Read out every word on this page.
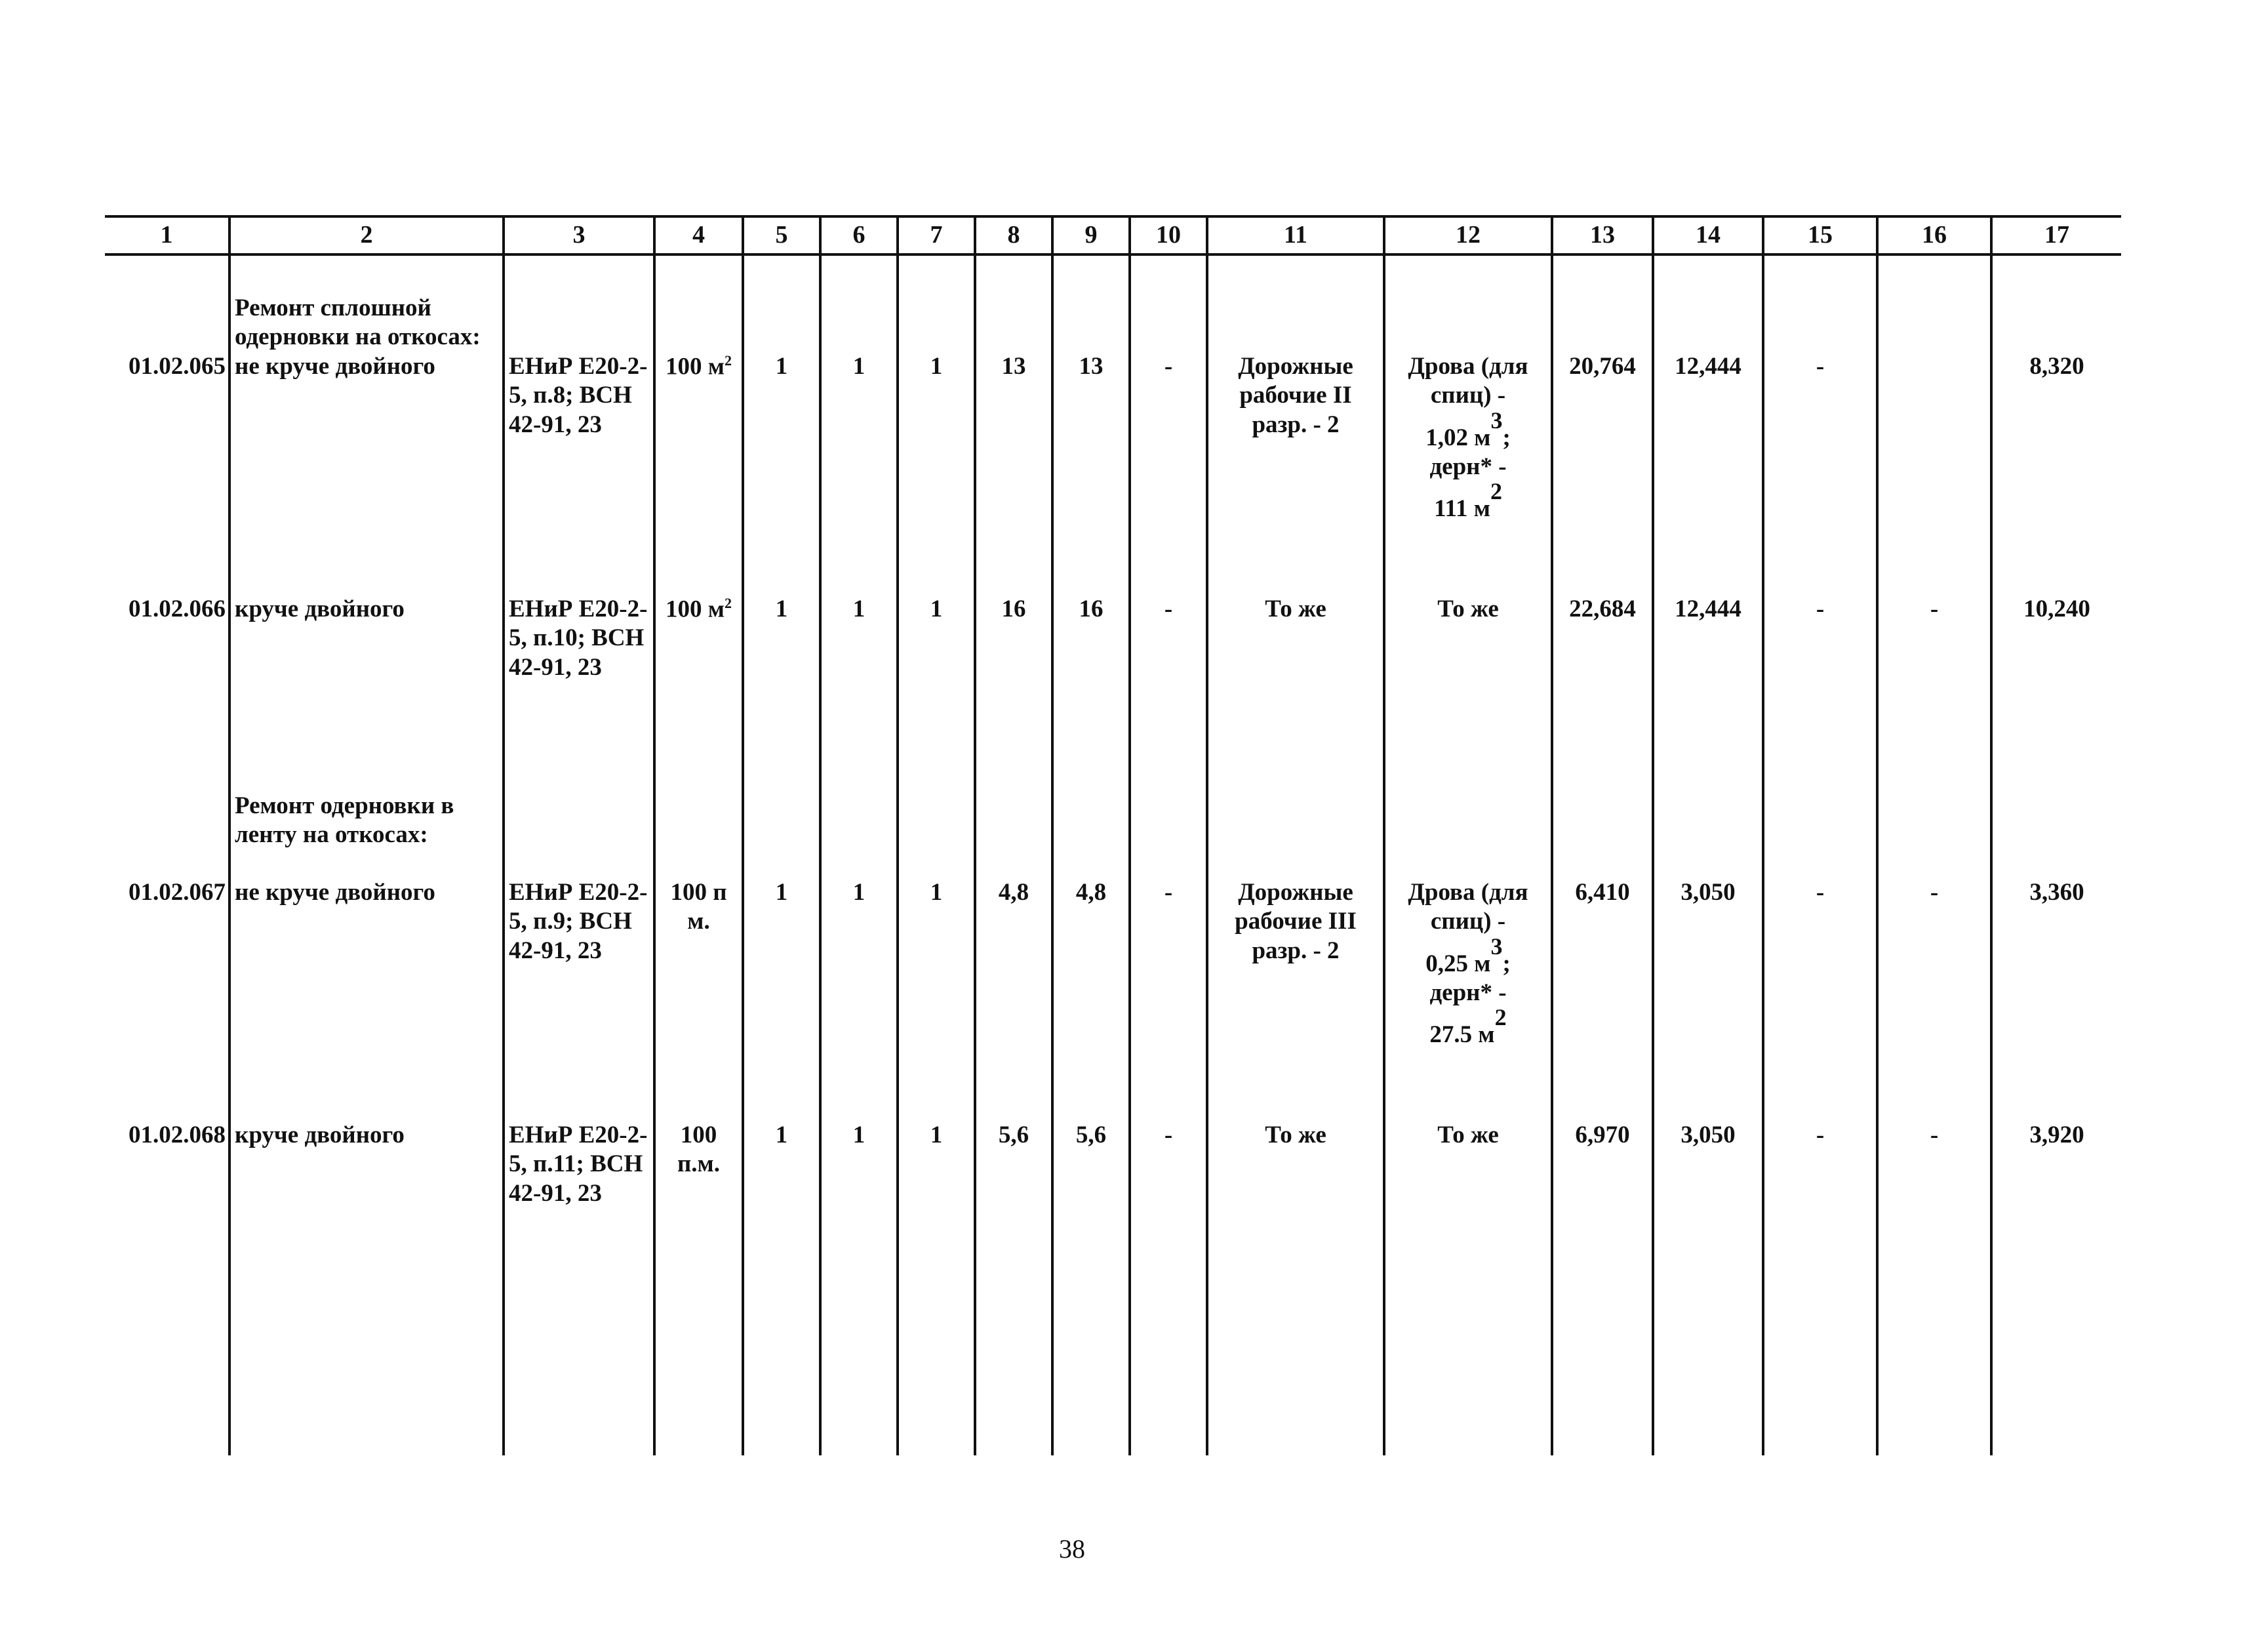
1	2	3	4	5	6	7	8	9	10	11	12	13	14	15	16	17
	Ремонт сплошной одерновки на откосах:															
01.02.065	не круче двойного	ЕНиР Е20-2-5, п.8; ВСН 42-91, 23	100 $м^2$	1	1	1	13	13	-	Дорожные рабочие II разр. - 2	Дрова (для спиц) -
1,02 м3;
дерн* -
111 м2	20,764	12,444	-		8,320
01.02.066	круче двойного	ЕНиР Е20-2-5, п.10; ВСН 42-91, 23	100 $м^2$	1	1	1	16	16	-	То же	То же	22,684	12,444	-	-	10,240
	Ремонт одерновки в ленту на откосах:															
01.02.067	не круче двойного	ЕНиР Е20-2-5, п.9; ВСН 42-91, 23	100 п м.	1	1	1	4,8	4,8	-	Дорожные рабочие III разр. - 2	Дрова (для спиц) -
0,25 м3;
дерн* -
27.5 м2	6,410	3,050	-	-	3,360
01.02.068	круче двойного	ЕНиР Е20-2-5, п.11; ВСН 42-91, 23	100 п.м.	1	1	1	5,6	5,6	-	То же	То же	6,970	3,050	-	-	3,920
38
